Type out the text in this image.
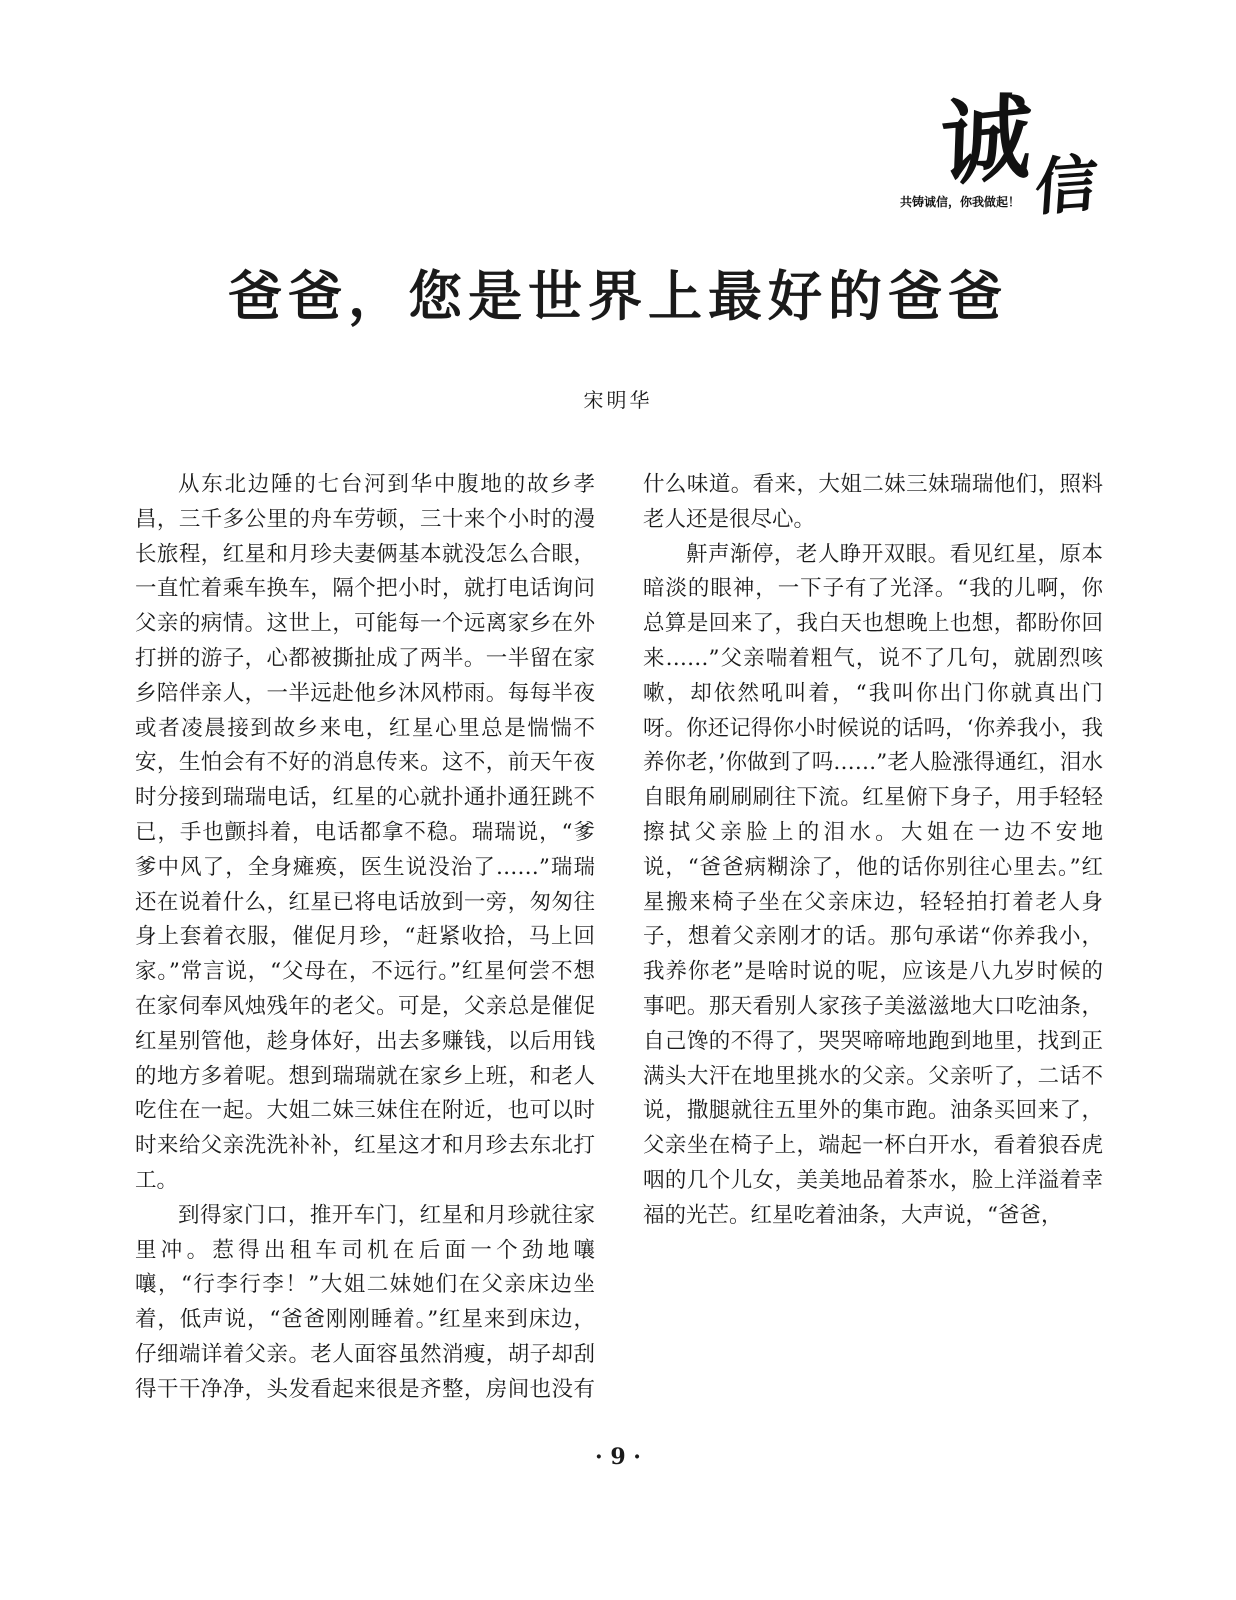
诚 信
共铸诚信，你我做起！
爸爸，您是世界上最好的爸爸
宋明华

从东北边陲的七台河到华中腹地的故乡孝昌，三千多公里的舟车劳顿，三十来个小时的漫长旅程，红星和月珍夫妻俩基本就没怎么合眼，一直忙着乘车换车，隔个把小时，就打电话询问父亲的病情。这世上，可能每一个远离家乡在外打拼的游子，心都被撕扯成了两半。一半留在家乡陪伴亲人，一半远赴他乡沐风栉雨。每每半夜或者凌晨接到故乡来电，红星心里总是惴惴不安，生怕会有不好的消息传来。这不，前天午夜时分接到瑞瑞电话，红星的心就扑通扑通狂跳不已，手也颤抖着，电话都拿不稳。瑞瑞说，“爹爹中风了，全身瘫痪，医生说没治了……”瑞瑞还在说着什么，红星已将电话放到一旁，匆匆往身上套着衣服，催促月珍，“赶紧收拾，马上回家。”常言说，“父母在，不远行。”红星何尝不想在家伺奉风烛残年的老父。可是，父亲总是催促红星别管他，趁身体好，出去多赚钱，以后用钱的地方多着呢。想到瑞瑞就在家乡上班，和老人吃住在一起。大姐二妹三妹住在附近，也可以时时来给父亲洗洗补补，红星这才和月珍去东北打工。

到得家门口，推开车门，红星和月珍就往家里冲。惹得出租车司机在后面一个劲地嚷嚷，“行李行李！”大姐二妹她们在父亲床边坐着，低声说，“爸爸刚刚睡着。”红星来到床边，仔细端详着父亲。老人面容虽然消瘦，胡子却刮得干干净净，头发看起来很是齐整，房间也没有什么味道。看来，大姐二妹三妹瑞瑞他们，照料老人还是很尽心。

鼾声渐停，老人睁开双眼。看见红星，原本暗淡的眼神，一下子有了光泽。“我的儿啊，你总算是回来了，我白天也想晚上也想，都盼你回来……”父亲喘着粗气，说不了几句，就剧烈咳嗽，却依然吼叫着，“我叫你出门你就真出门呀。你还记得你小时候说的话吗，‘你养我小，我养你老，’你做到了吗……”老人脸涨得通红，泪水自眼角刷刷刷往下流。红星俯下身子，用手轻轻擦拭父亲脸上的泪水。大姐在一边不安地说，“爸爸病糊涂了，他的话你别往心里去。”红星搬来椅子坐在父亲床边，轻轻拍打着老人身子，想着父亲刚才的话。那句承诺“你养我小，我养你老”是啥时说的呢，应该是八九岁时候的事吧。那天看别人家孩子美滋滋地大口吃油条，自己馋的不得了，哭哭啼啼地跑到地里，找到正满头大汗在地里挑水的父亲。父亲听了，二话不说，撒腿就往五里外的集市跑。油条买回来了，父亲坐在椅子上，端起一杯白开水，看着狼吞虎咽的几个儿女，美美地品着茶水，脸上洋溢着幸福的光芒。红星吃着油条，大声说，“爸爸，

· 9 ·
